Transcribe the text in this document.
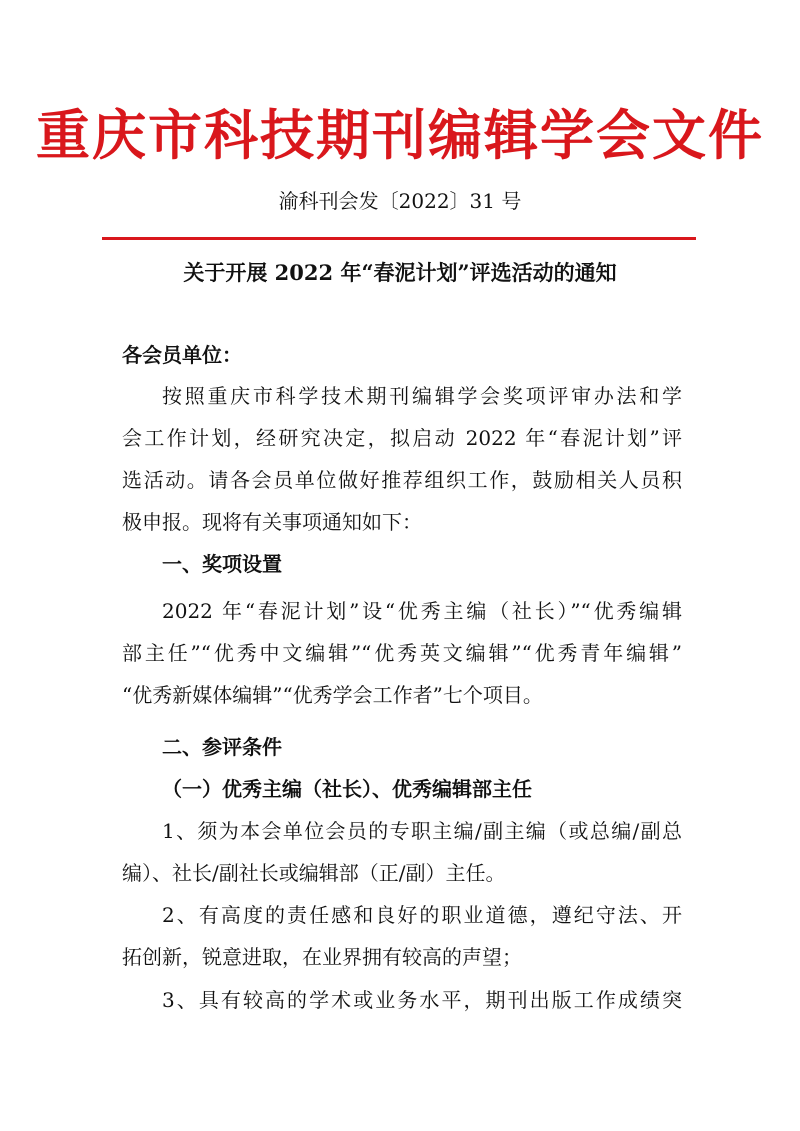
重庆市科技期刊编辑学会文件
渝科刊会发〔2022〕31 号
关于开展 2022 年“春泥计划”评选活动的通知
各会员单位：
按照重庆市科学技术期刊编辑学会奖项评审办法和学
会工作计划，经研究决定，拟启动 2022 年“春泥计划”评
选活动。请各会员单位做好推荐组织工作，鼓励相关人员积
极申报。现将有关事项通知如下：
一、奖项设置
2022 年“春泥计划”设“优秀主编（社长）”“优秀编辑
部主任”“优秀中文编辑”“优秀英文编辑”“优秀青年编辑”
“优秀新媒体编辑”“优秀学会工作者”七个项目。
二、参评条件
（一）优秀主编（社长）、优秀编辑部主任
1、须为本会单位会员的专职主编/副主编（或总编/副总
编）、社长/副社长或编辑部（正/副）主任。
2、有高度的责任感和良好的职业道德，遵纪守法、开
拓创新，锐意进取，在业界拥有较高的声望；
3、具有较高的学术或业务水平，期刊出版工作成绩突
